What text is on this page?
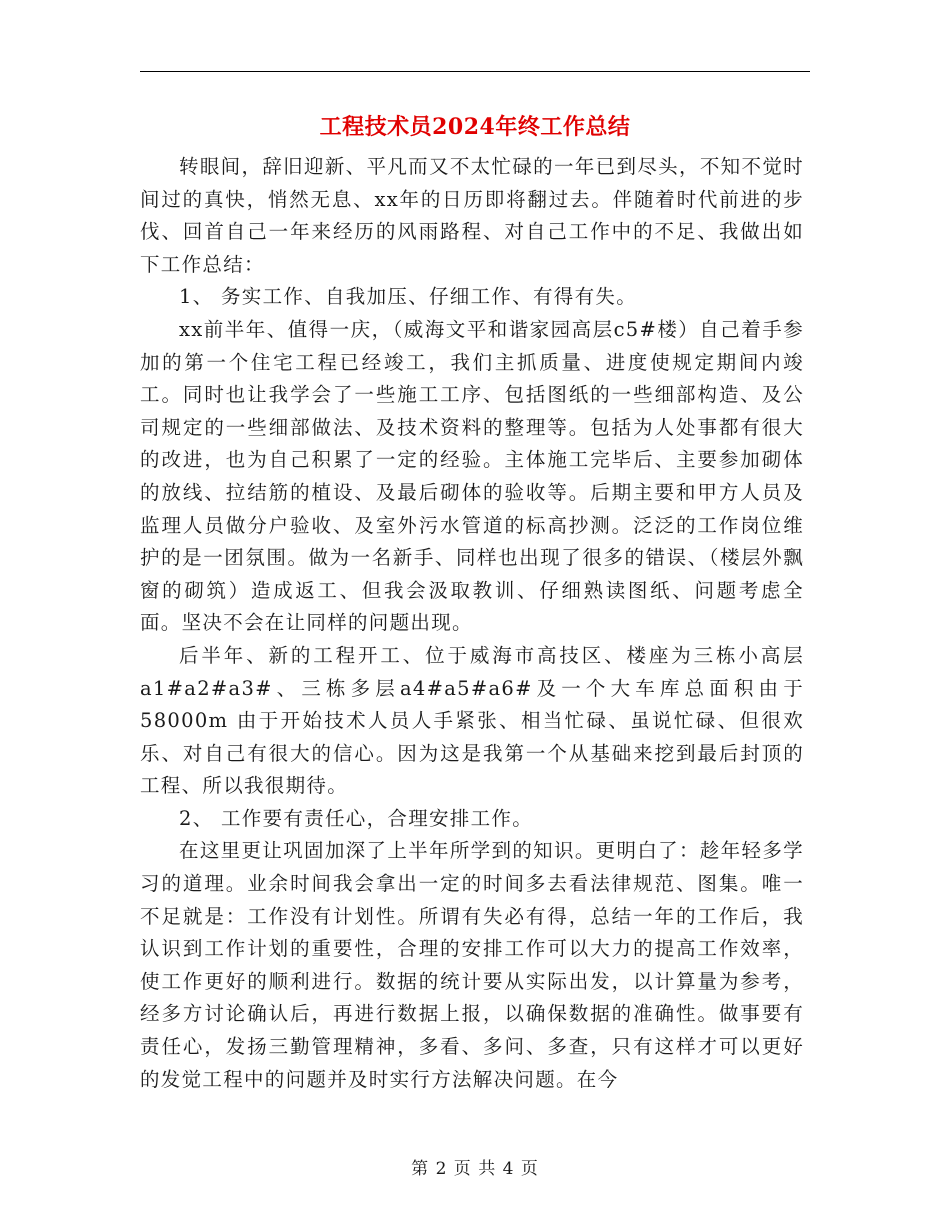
工程技术员2024年终工作总结

转眼间，辞旧迎新、平凡而又不太忙碌的一年已到尽头，不知不觉时间过的真快，悄然无息、xx年的日历即将翻过去。伴随着时代前进的步伐、回首自己一年来经历的风雨路程、对自己工作中的不足、我做出如下工作总结：

1、 务实工作、自我加压、仔细工作、有得有失。

xx前半年、值得一庆，（威海文平和谐家园高层c5#楼）自己着手参加的第一个住宅工程已经竣工，我们主抓质量、进度使规定期间内竣工。同时也让我学会了一些施工工序、包括图纸的一些细部构造、及公司规定的一些细部做法、及技术资料的整理等。包括为人处事都有很大的改进，也为自己积累了一定的经验。主体施工完毕后、主要参加砌体的放线、拉结筋的植设、及最后砌体的验收等。后期主要和甲方人员及监理人员做分户验收、及室外污水管道的标高抄测。泛泛的工作岗位维护的是一团氛围。做为一名新手、同样也出现了很多的错误、（楼层外飘窗的砌筑）造成返工、但我会汲取教训、仔细熟读图纸、问题考虑全面。坚决不会在让同样的问题出现。

后半年、新的工程开工、位于威海市高技区、楼座为三栋小高层a1#a2#a3#、三栋多层a4#a5#a6#及一个大车库总面积由于58000m 由于开始技术人员人手紧张、相当忙碌、虽说忙碌、但很欢乐、对自己有很大的信心。因为这是我第一个从基础来挖到最后封顶的工程、所以我很期待。

2、 工作要有责任心，合理安排工作。

在这里更让巩固加深了上半年所学到的知识。更明白了：趁年轻多学习的道理。业余时间我会拿出一定的时间多去看法律规范、图集。唯一不足就是：工作没有计划性。所谓有失必有得，总结一年的工作后，我认识到工作计划的重要性，合理的安排工作可以大力的提高工作效率，使工作更好的顺利进行。数据的统计要从实际出发，以计算量为参考，经多方讨论确认后，再进行数据上报，以确保数据的准确性。做事要有责任心，发扬三勤管理精神，多看、多问、多查，只有这样才可以更好的发觉工程中的问题并及时实行方法解决问题。在今

第 2 页 共 4 页
